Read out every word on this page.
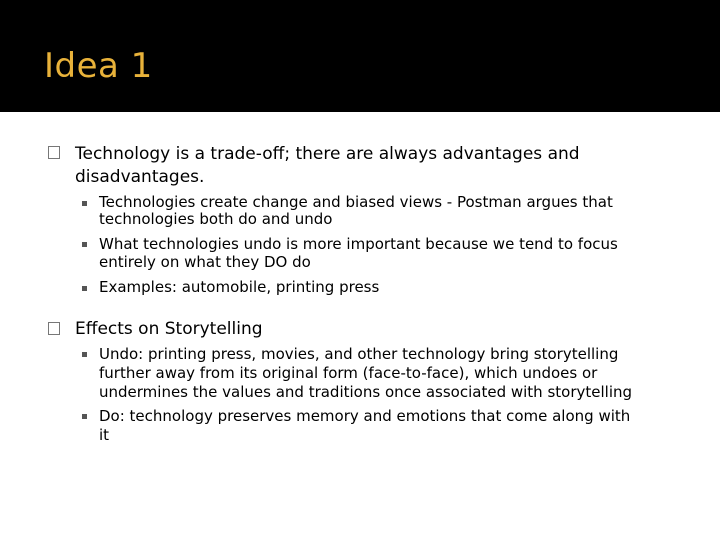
Idea 1
Technology is a trade-off; there are always advantages and
disadvantages.
Technologies create change and biased views - Postman argues that
technologies both do and undo
What technologies undo is more important because we tend to focus
entirely on what they DO do
Examples: automobile, printing press
Effects on Storytelling
Undo: printing press, movies, and other technology bring storytelling
further away from its original form (face-to-face), which undoes or
undermines the values and traditions once associated with storytelling
Do: technology preserves memory and emotions that come along with
it
